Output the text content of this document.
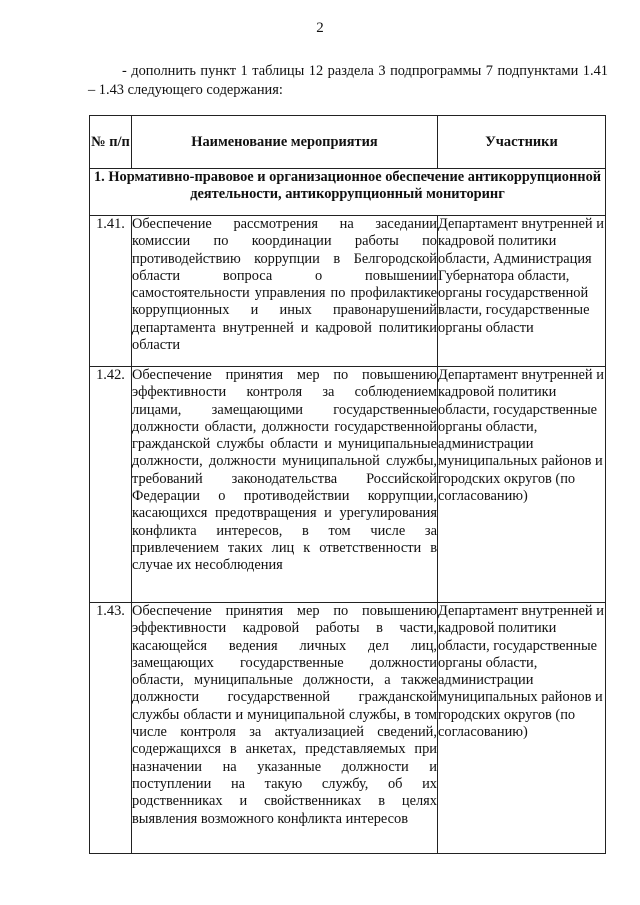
2

- дополнить пункт 1 таблицы 12 раздела 3 подпрограммы 7 подпунктами 1.41 – 1.43 следующего содержания:

№ п/п	Наименование мероприятия	Участники
1. Нормативно-правовое и организационное обеспечение антикоррупционной деятельности, антикоррупционный мониторинг		
1.41.	Обеспечение рассмотрения на заседании комиссии по координации работы по противодействию коррупции в Белгородской области вопроса о повышении самостоятельности управления по профилактике коррупционных и иных правонарушений департамента внутренней и кадровой политики области	Департамент внутренней и кадровой политики области, Администрация Губернатора области, органы государственной власти, государственные органы области
1.42.	Обеспечение принятия мер по повышению эффективности контроля за соблюдением лицами, замещающими государственные должности области, должности государственной гражданской службы области и муниципальные должности, должности муниципальной службы, требований законодательства Российской Федерации о противодействии коррупции, касающихся предотвращения и урегулирования конфликта интересов, в том числе за привлечением таких лиц к ответственности в случае их несоблюдения	Департамент внутренней и кадровой политики области, государственные органы области, администрации муниципальных районов и городских округов (по согласованию)
1.43.	Обеспечение принятия мер по повышению эффективности кадровой работы в части, касающейся ведения личных дел лиц, замещающих государственные должности области, муниципальные должности, а также должности государственной гражданской службы области и муниципальной службы, в том числе контроля за актуализацией сведений, содержащихся в анкетах, представляемых при назначении на указанные должности и поступлении на такую службу, об их родственниках и свойственниках в целях выявления возможного конфликта интересов	Департамент внутренней и кадровой политики области, государственные органы области, администрации муниципальных районов и городских округов (по согласованию)
